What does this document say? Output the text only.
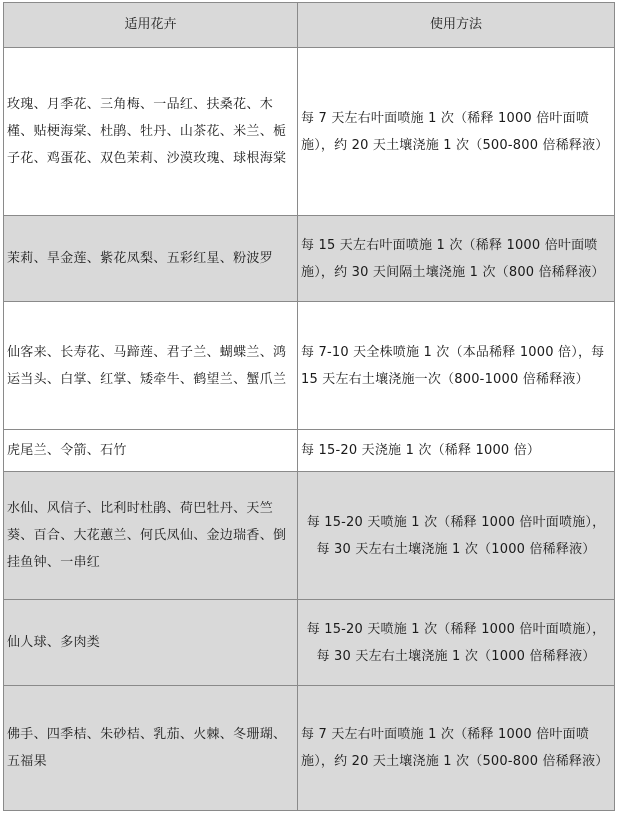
适用花卉	使用方法
玫瑰、月季花、三角梅、一品红、扶桑花、木槿、贴梗海棠、杜鹃、牡丹、山茶花、米兰、栀子花、鸡蛋花、双色茉莉、沙漠玫瑰、球根海棠	每 7 天左右叶面喷施 1 次（稀释 1000 倍叶面喷施），约 20 天土壤浇施 1 次（500-800 倍稀释液）
茉莉、旱金莲、紫花凤梨、五彩红星、粉波罗	每 15 天左右叶面喷施 1 次（稀释 1000 倍叶面喷施），约 30 天间隔土壤浇施 1 次（800 倍稀释液）
仙客来、长寿花、马蹄莲、君子兰、蝴蝶兰、鸿运当头、白掌、红掌、矮牵牛、鹤望兰、蟹爪兰	每 7-10 天全株喷施 1 次（本品稀释 1000 倍），每 15 天左右土壤浇施一次（800-1000 倍稀释液）
虎尾兰、令箭、石竹	每 15-20 天浇施 1 次（稀释 1000 倍）
水仙、风信子、比利时杜鹃、荷巴牡丹、天竺葵、百合、大花蕙兰、何氏凤仙、金边瑞香、倒挂鱼钟、一串红	每 15-20 天喷施 1 次（稀释 1000 倍叶面喷施），每 30 天左右土壤浇施 1 次（1000 倍稀释液）
仙人球、多肉类	每 15-20 天喷施 1 次（稀释 1000 倍叶面喷施），每 30 天左右土壤浇施 1 次（1000 倍稀释液）
佛手、四季桔、朱砂桔、乳茄、火棘、冬珊瑚、五福果	每 7 天左右叶面喷施 1 次（稀释 1000 倍叶面喷施），约 20 天土壤浇施 1 次（500-800 倍稀释液）
